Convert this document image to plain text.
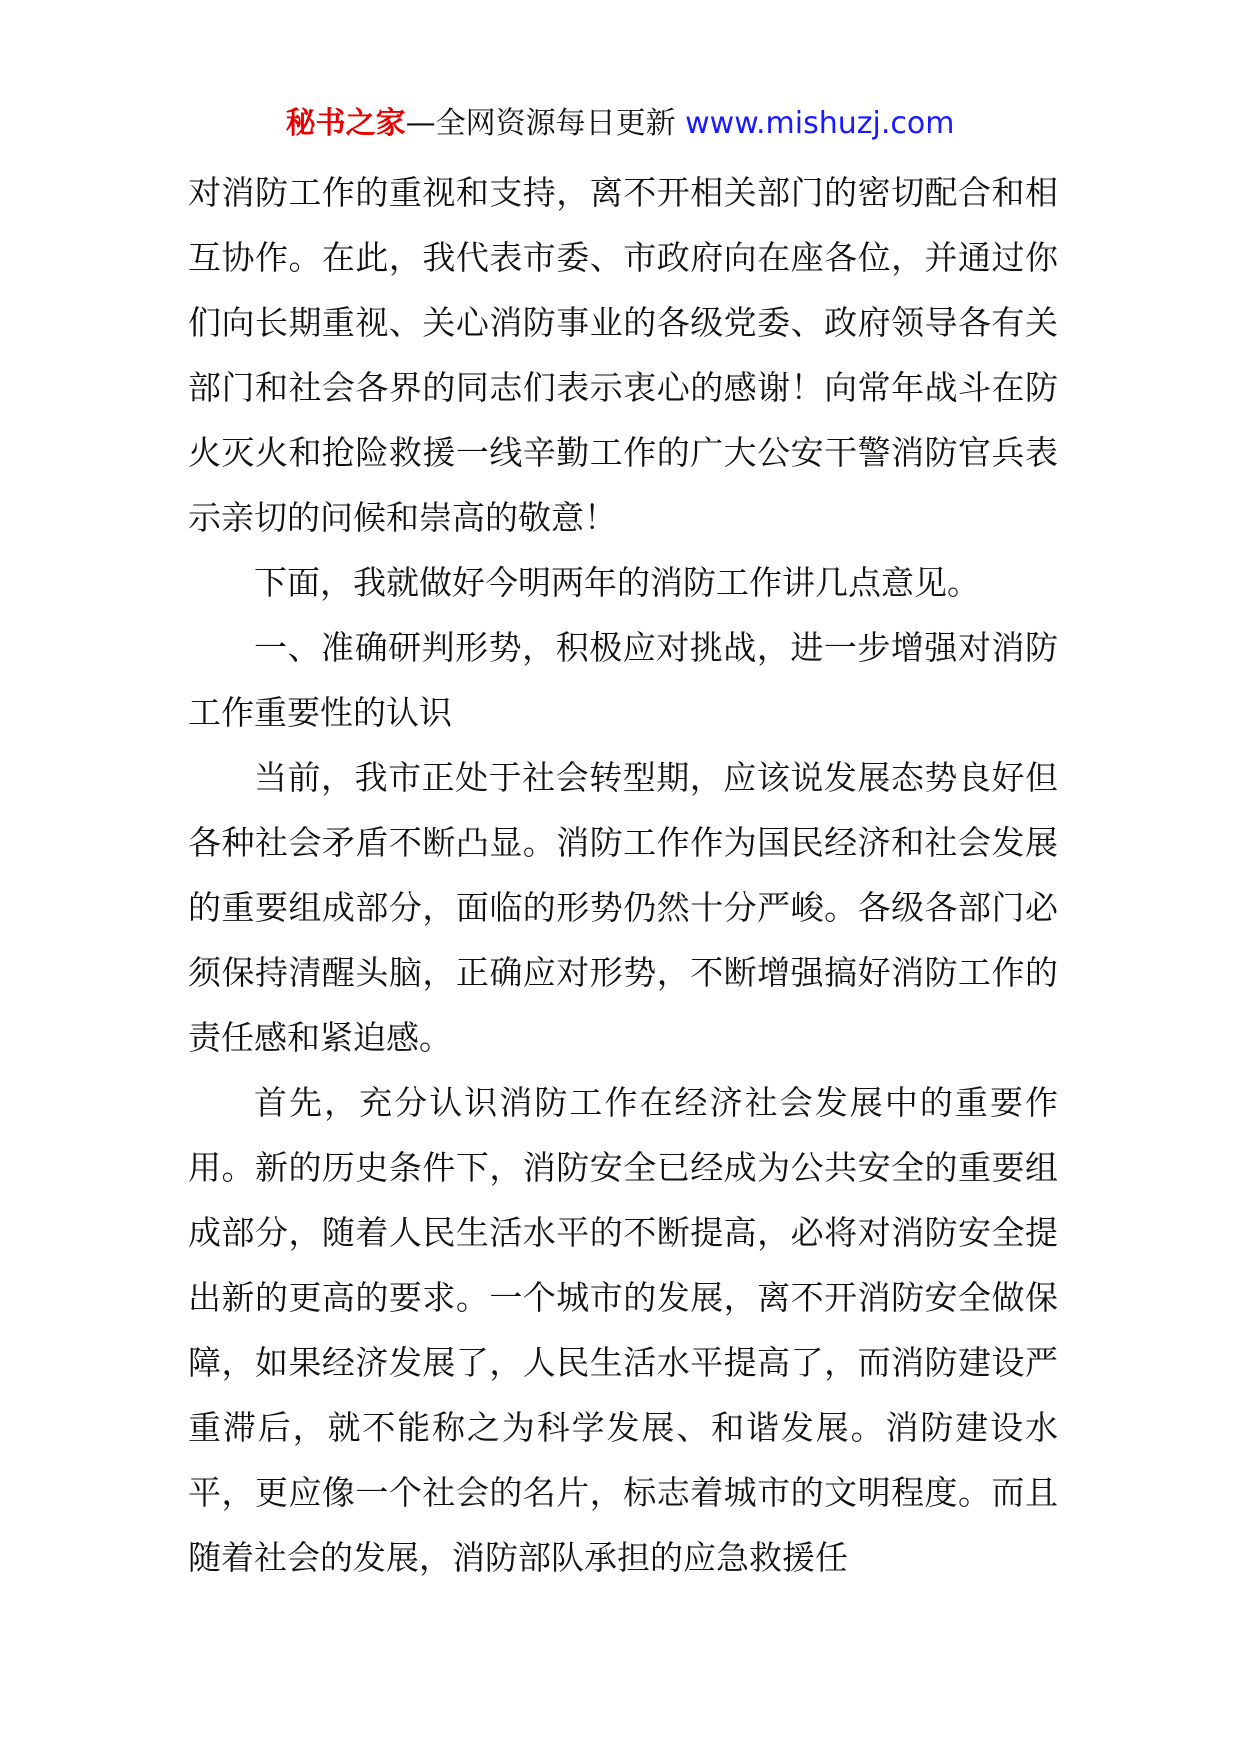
秘书之家—全网资源每日更新 www.mishuzj.com

对消防工作的重视和支持，离不开相关部门的密切配合和相互协作。在此，我代表市委、市政府向在座各位，并通过你们向长期重视、关心消防事业的各级党委、政府领导各有关部门和社会各界的同志们表示衷心的感谢！向常年战斗在防火灭火和抢险救援一线辛勤工作的广大公安干警消防官兵表示亲切的问候和崇高的敬意！

下面，我就做好今明两年的消防工作讲几点意见。

一、准确研判形势，积极应对挑战，进一步增强对消防工作重要性的认识

当前，我市正处于社会转型期，应该说发展态势良好但各种社会矛盾不断凸显。消防工作作为国民经济和社会发展的重要组成部分，面临的形势仍然十分严峻。各级各部门必须保持清醒头脑，正确应对形势，不断增强搞好消防工作的责任感和紧迫感。

首先，充分认识消防工作在经济社会发展中的重要作用。新的历史条件下，消防安全已经成为公共安全的重要组成部分，随着人民生活水平的不断提高，必将对消防安全提出新的更高的要求。一个城市的发展，离不开消防安全做保障，如果经济发展了，人民生活水平提高了，而消防建设严重滞后，就不能称之为科学发展、和谐发展。消防建设水平，更应像一个社会的名片，标志着城市的文明程度。而且随着社会的发展，消防部队承担的应急救援任
